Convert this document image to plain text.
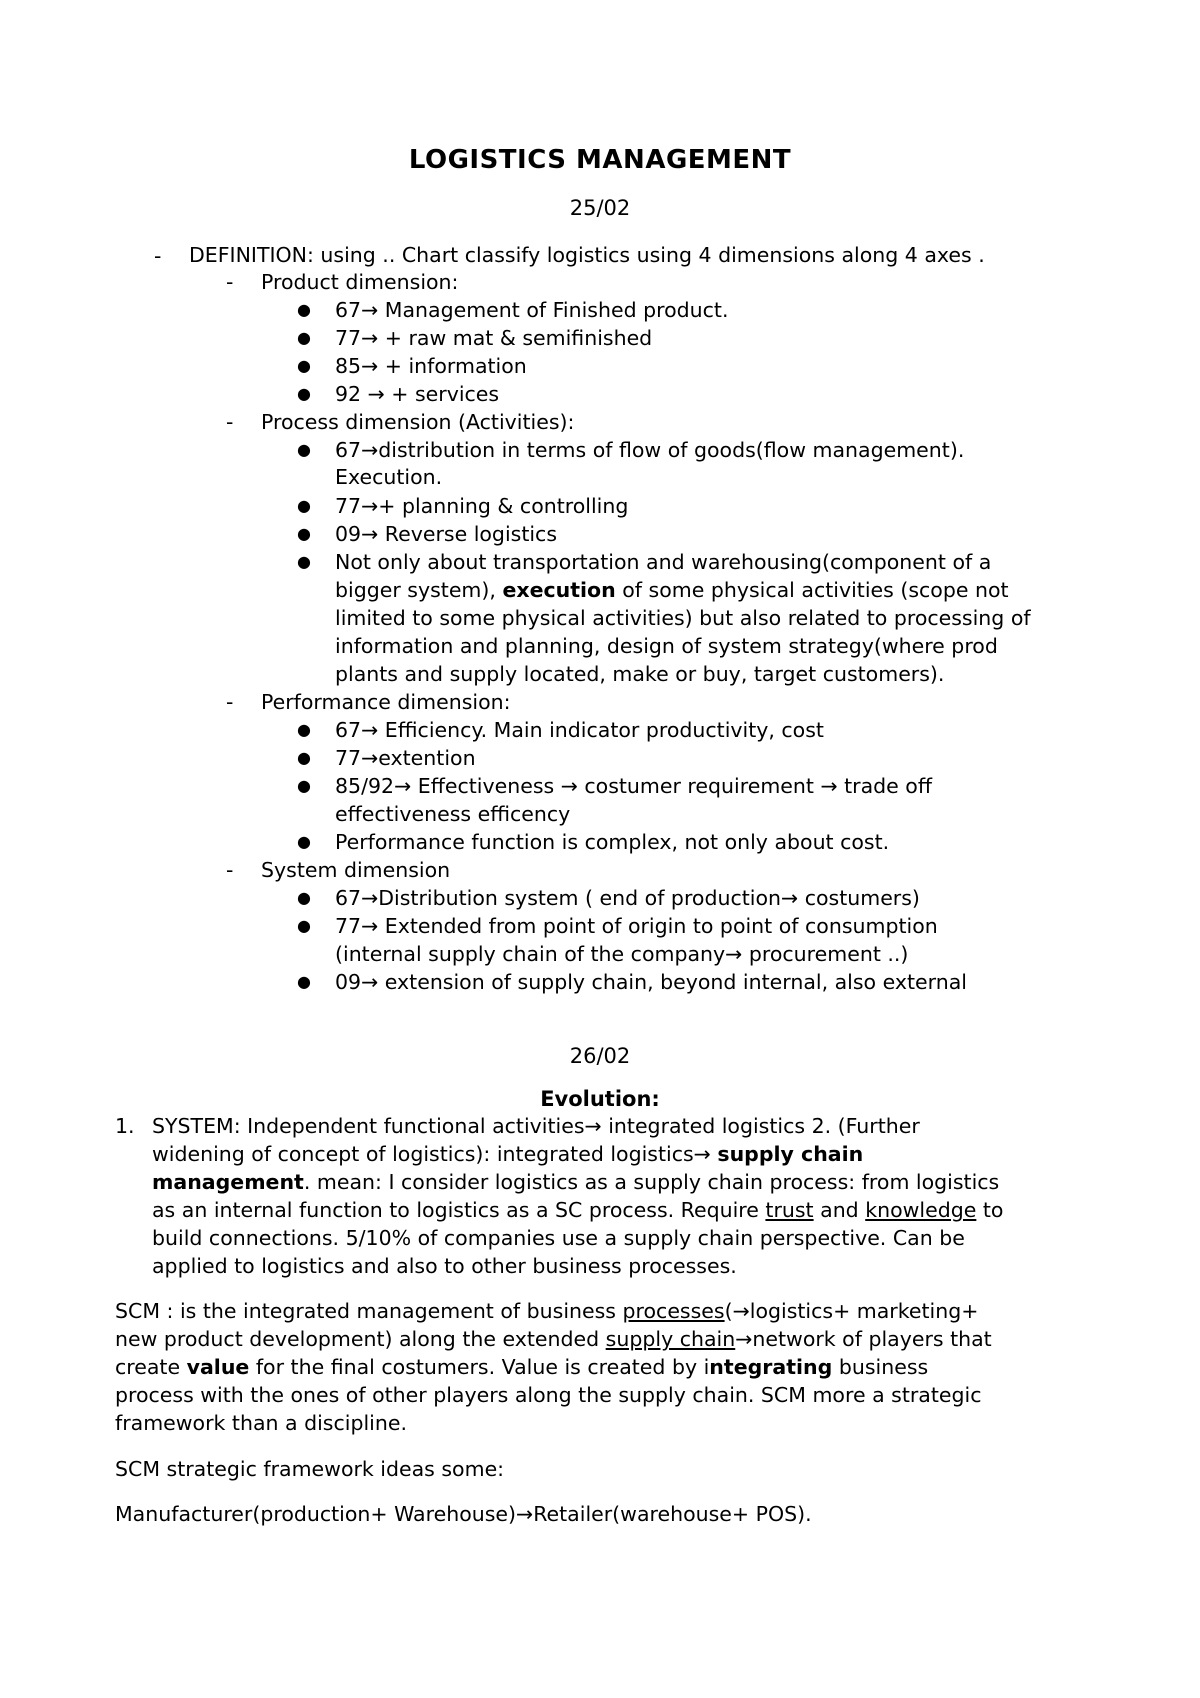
LOGISTICS MANAGEMENT
25/02
- DEFINITION: using .. Chart classify logistics using 4 dimensions along 4 axes .
- Product dimension:
● 67→ Management of Finished product.
● 77→ + raw mat & semifinished
● 85→ + information
● 92 → + services
- Process dimension (Activities):
● 67→distribution in terms of flow of goods(flow management).
Execution.
● 77→+ planning & controlling
● 09→ Reverse logistics
● Not only about transportation and warehousing(component of a
bigger system), execution of some physical activities (scope not
limited to some physical activities) but also related to processing of
information and planning, design of system strategy(where prod
plants and supply located, make or buy, target customers).
- Performance dimension:
● 67→ Efficiency. Main indicator productivity, cost
● 77→extention
● 85/92→ Effectiveness → costumer requirement → trade off
effectiveness efficency
● Performance function is complex, not only about cost.
- System dimension
● 67→Distribution system ( end of production→ costumers)
● 77→ Extended from point of origin to point of consumption
(internal supply chain of the company→ procurement ..)
● 09→ extension of supply chain, beyond internal, also external
26/02
Evolution:
1. SYSTEM: Independent functional activities→ integrated logistics 2. (Further
widening of concept of logistics): integrated logistics→ supply chain
management. mean: I consider logistics as a supply chain process: from logistics
as an internal function to logistics as a SC process. Require trust and knowledge to
build connections. 5/10% of companies use a supply chain perspective. Can be
applied to logistics and also to other business processes.
SCM : is the integrated management of business processes(→logistics+ marketing+
new product development) along the extended supply chain→network of players that
create value for the final costumers. Value is created by integrating business
process with the ones of other players along the supply chain. SCM more a strategic
framework than a discipline.
SCM strategic framework ideas some:
Manufacturer(production+ Warehouse)→Retailer(warehouse+ POS).
